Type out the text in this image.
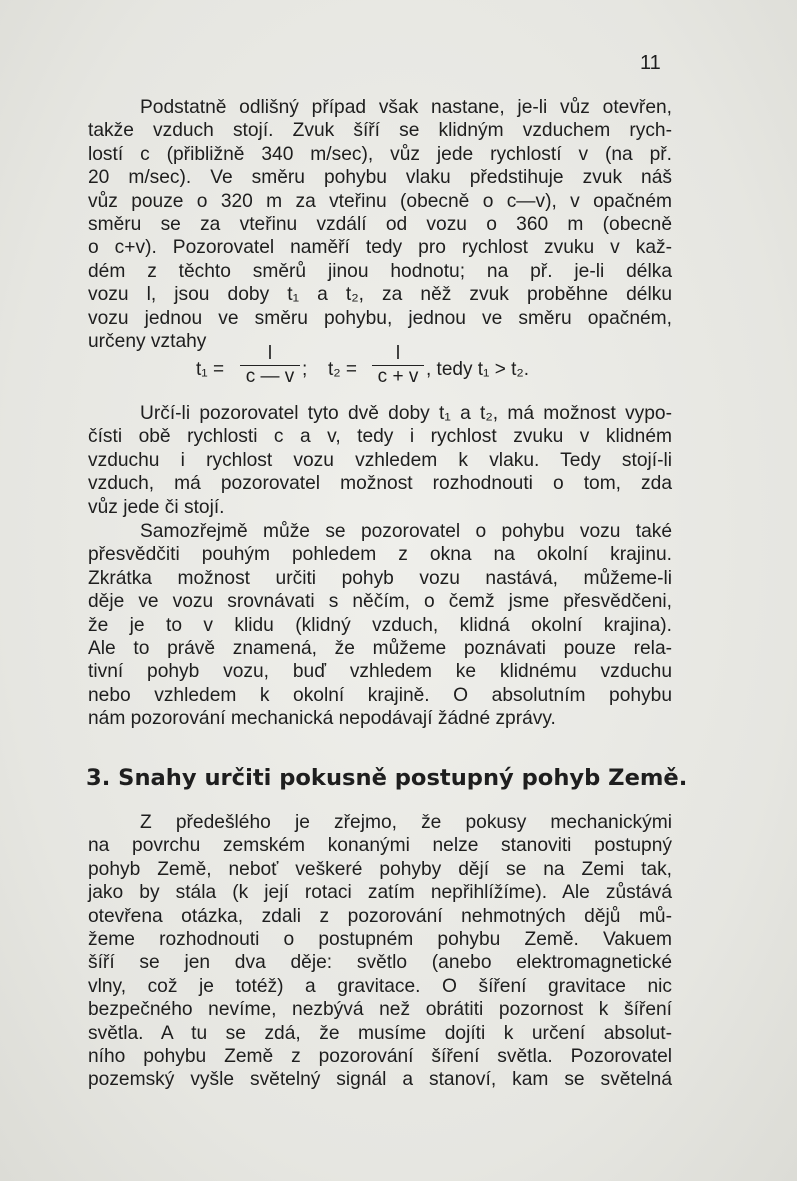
11
Podstatně odlišný případ však nastane, je-li vůz otevřen,
takže vzduch stojí. Zvuk šíří se klidným vzduchem rych-
lostí c (přibližně 340 m/sec), vůz jede rychlostí v (na př.
20 m/sec). Ve směru pohybu vlaku předstihuje zvuk náš
vůz pouze o 320 m za vteřinu (obecně o c—v), v opačném
směru se za vteřinu vzdálí od vozu o 360 m (obecně
o c+v). Pozorovatel naměří tedy pro rychlost zvuku v kaž-
dém z těchto směrů jinou hodnotu; na př. je-li délka
vozu l, jsou doby t₁ a t₂, za něž zvuk proběhne délku
vozu jednou ve směru pohybu, jednou ve směru opačném,
určeny vztahy
$t_1 = \frac{l}{c — v}$ ; $t_2 = \frac{l}{c + v}$ , tedy t₁ > t₂.
Určí-li pozorovatel tyto dvě doby t₁ a t₂, má možnost vypo-
čísti obě rychlosti c a v, tedy i rychlost zvuku v klidném
vzduchu i rychlost vozu vzhledem k vlaku. Tedy stojí-li
vzduch, má pozorovatel možnost rozhodnouti o tom, zda
vůz jede či stojí.
Samozřejmě může se pozorovatel o pohybu vozu také
přesvědčiti pouhým pohledem z okna na okolní krajinu.
Zkrátka možnost určiti pohyb vozu nastává, můžeme-li
děje ve vozu srovnávati s něčím, o čemž jsme přesvědčeni,
že je to v klidu (klidný vzduch, klidná okolní krajina).
Ale to právě znamená, že můžeme poznávati pouze rela-
tivní pohyb vozu, buď vzhledem ke klidnému vzduchu
nebo vzhledem k okolní krajině. O absolutním pohybu
nám pozorování mechanická nepodávají žádné zprávy.
3. Snahy určiti pokusně postupný pohyb Země.
Z předešlého je zřejmo, že pokusy mechanickými
na povrchu zemském konanými nelze stanoviti postupný
pohyb Země, neboť veškeré pohyby dějí se na Zemi tak,
jako by stála (k její rotaci zatím nepřihlížíme). Ale zůstává
otevřena otázka, zdali z pozorování nehmotných dějů mů-
žeme rozhodnouti o postupném pohybu Země. Vakuem
šíří se jen dva děje: světlo (anebo elektromagnetické
vlny, což je totéž) a gravitace. O šíření gravitace nic
bezpečného nevíme, nezbývá než obrátiti pozornost k šíření
světla. A tu se zdá, že musíme dojíti k určení absolut-
ního pohybu Země z pozorování šíření světla. Pozorovatel
pozemský vyšle světelný signál a stanoví, kam se světelná
